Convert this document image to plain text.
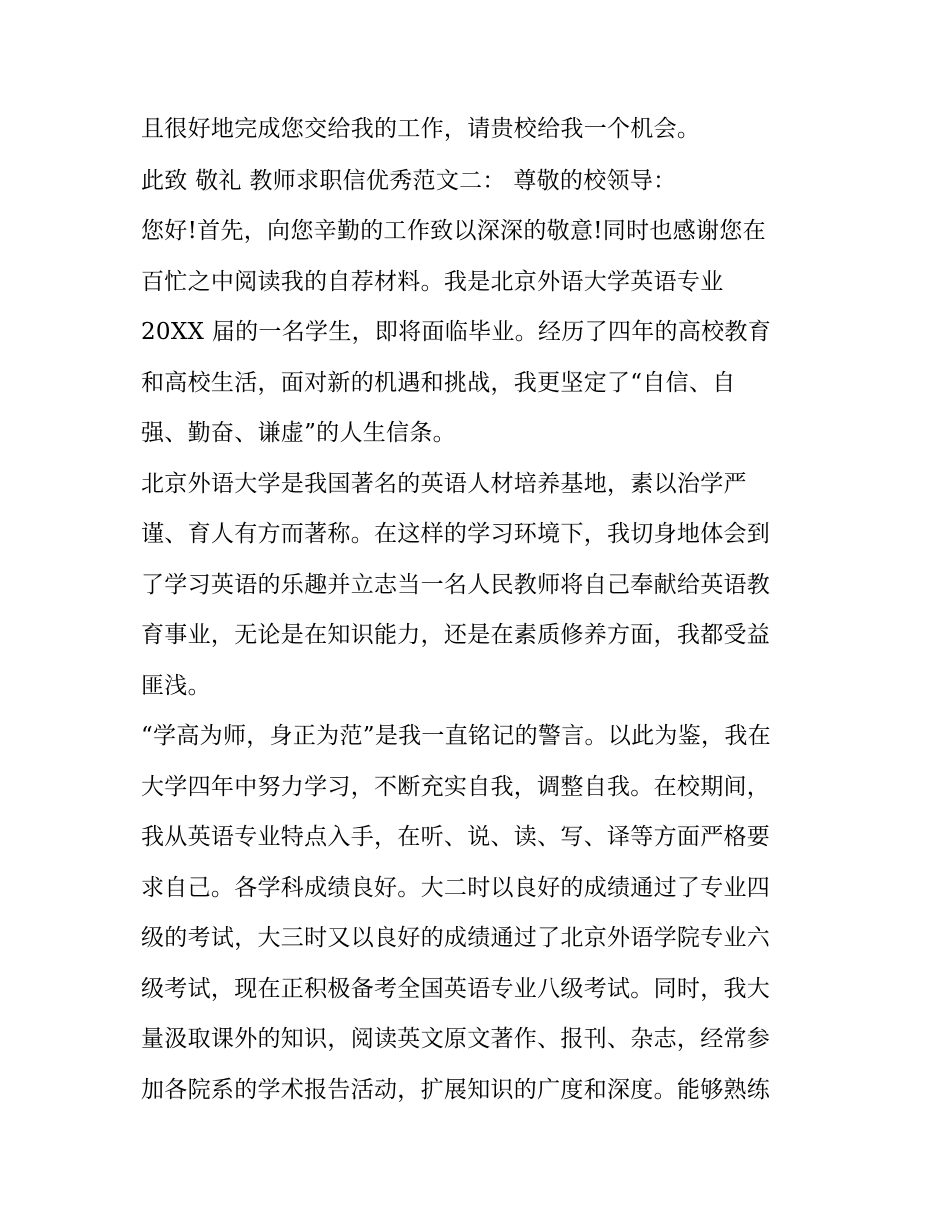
且很好地完成您交给我的工作，请贵校给我一个机会。
此致 敬礼 教师求职信优秀范文二： 尊敬的校领导：
您好!首先，向您辛勤的工作致以深深的敬意!同时也感谢您在
百忙之中阅读我的自荐材料。我是北京外语大学英语专业
20XX 届的一名学生，即将面临毕业。经历了四年的高校教育
和高校生活，面对新的机遇和挑战，我更坚定了“自信、自
强、勤奋、谦虚”的人生信条。
北京外语大学是我国著名的英语人材培养基地，素以治学严
谨、育人有方而著称。在这样的学习环境下，我切身地体会到
了学习英语的乐趣并立志当一名人民教师将自己奉献给英语教
育事业，无论是在知识能力，还是在素质修养方面，我都受益
匪浅。
“学高为师，身正为范”是我一直铭记的警言。以此为鉴，我在
大学四年中努力学习，不断充实自我，调整自我。在校期间，
我从英语专业特点入手，在听、说、读、写、译等方面严格要
求自己。各学科成绩良好。大二时以良好的成绩通过了专业四
级的考试，大三时又以良好的成绩通过了北京外语学院专业六
级考试，现在正积极备考全国英语专业八级考试。同时，我大
量汲取课外的知识，阅读英文原文著作、报刊、杂志，经常参
加各院系的学术报告活动，扩展知识的广度和深度。能够熟练
